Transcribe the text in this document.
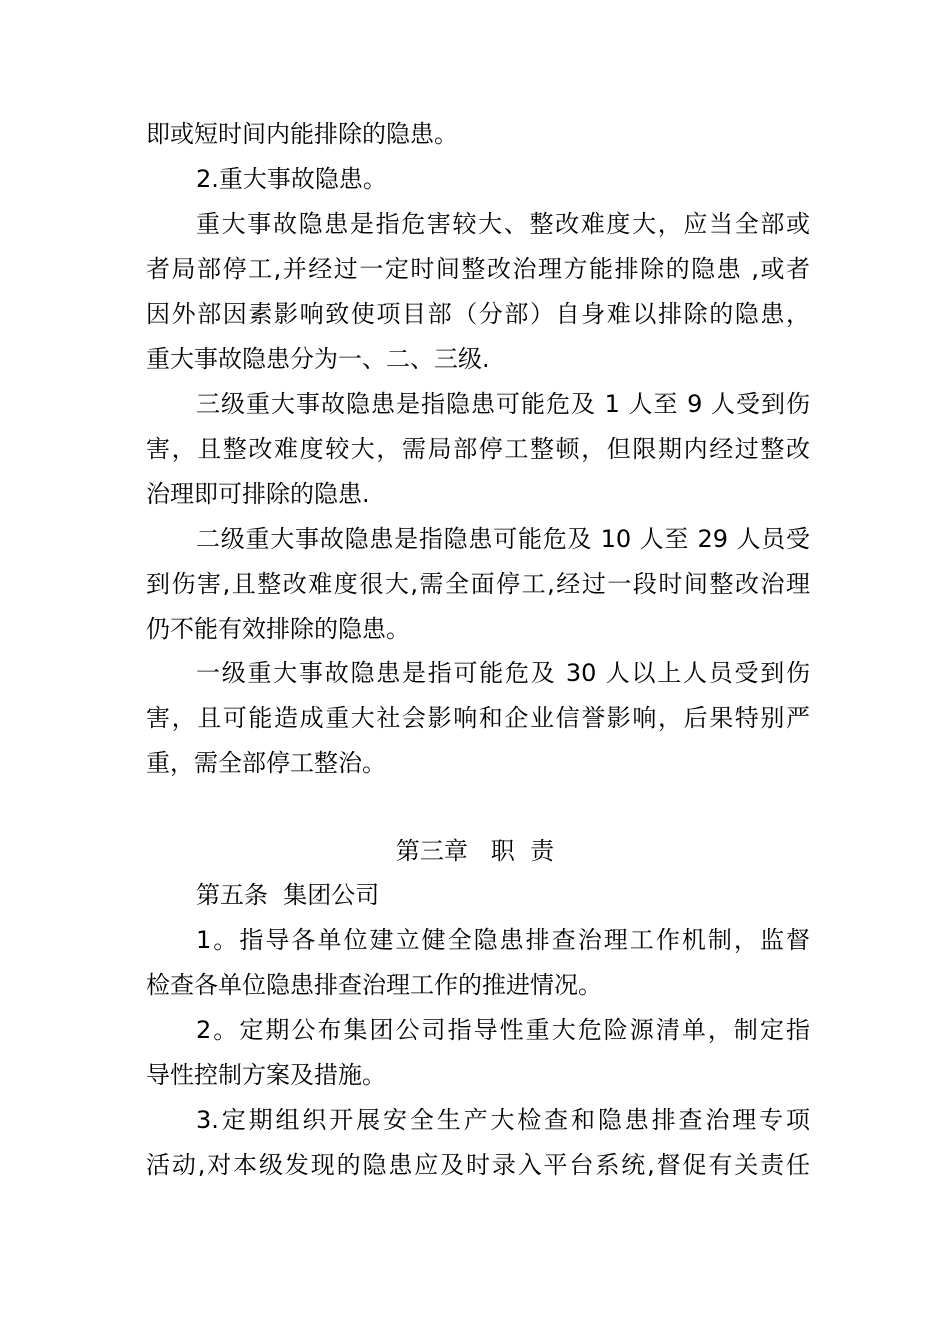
即或短时间内能排除的隐患。
2.重大事故隐患。
重大事故隐患是指危害较大、整改难度大，应当全部或
者局部停工,并经过一定时间整改治理方能排除的隐患 ,或者
因外部因素影响致使项目部（分部）自身难以排除的隐患，
重大事故隐患分为一、二、三级.
三级重大事故隐患是指隐患可能危及 1 人至 9 人受到伤
害，且整改难度较大，需局部停工整顿，但限期内经过整改
治理即可排除的隐患.
二级重大事故隐患是指隐患可能危及 10 人至 29 人员受
到伤害,且整改难度很大,需全面停工,经过一段时间整改治理
仍不能有效排除的隐患。
一级重大事故隐患是指可能危及 30 人以上人员受到伤
害，且可能造成重大社会影响和企业信誉影响，后果特别严
重，需全部停工整治。
第三章   职  责
第五条  集团公司
1。指导各单位建立健全隐患排查治理工作机制，监督
检查各单位隐患排查治理工作的推进情况。
2。定期公布集团公司指导性重大危险源清单，制定指
导性控制方案及措施。
3.定期组织开展安全生产大检查和隐患排查治理专项
活动,对本级发现的隐患应及时录入平台系统,督促有关责任
